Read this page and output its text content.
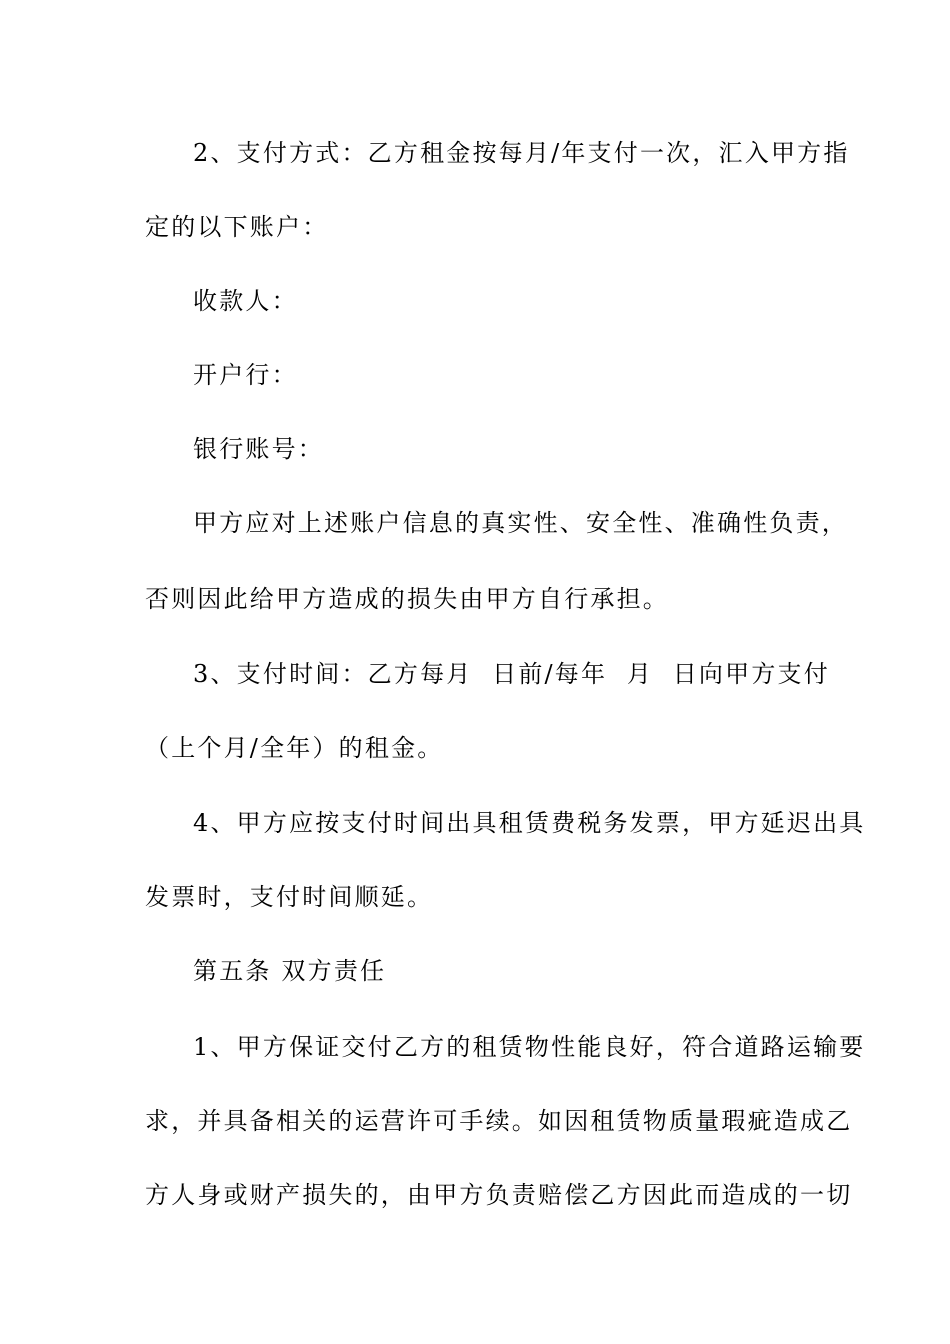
2、支付方式：乙方租金按每月/年支付一次，汇入甲方指

定的以下账户：

收款人：

开户行：

银行账号：

甲方应对上述账户信息的真实性、安全性、准确性负责，

否则因此给甲方造成的损失由甲方自行承担。

3、支付时间：乙方每月  日前/每年  月  日向甲方支付

（上个月/全年）的租金。

4、甲方应按支付时间出具租赁费税务发票，甲方延迟出具

发票时，支付时间顺延。

第五条 双方责任

1、甲方保证交付乙方的租赁物性能良好，符合道路运输要

求，并具备相关的运营许可手续。如因租赁物质量瑕疵造成乙

方人身或财产损失的，由甲方负责赔偿乙方因此而造成的一切
